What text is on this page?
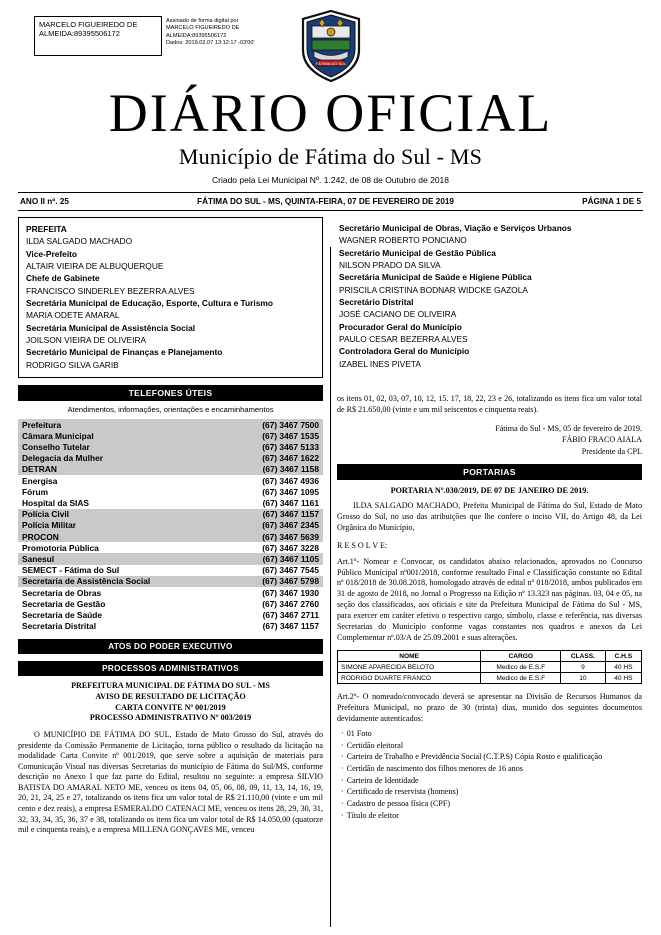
MARCELO FIGUEIREDO DE
ALMEIDA:89395506172
Assinado de forma digital por
MARCELO FIGUEIREDO DE
ALMEIDA:89395506172
Dados: 2019.02.07 13:12:17 -03'00'
FÁTIMA DO SUL
DIÁRIO OFICIAL
Município de Fátima do Sul - MS
Criado pela Lei Municipal Nº. 1.242, de 08 de Outubro de 2018
ANO II nº. 25	FÁTIMA DO SUL - MS, QUINTA-FEIRA, 07 DE FEVEREIRO DE 2019	PÁGINA 1 DE 5
PREFEITA
ILDA SALGADO MACHADO
Vice-Prefeito
ALTAIR VIEIRA DE ALBUQUERQUE
Chefe de Gabinete
FRANCISCO SINDERLEY BEZERRA ALVES
Secretária Municipal de Educação, Esporte, Cultura e Turismo
MARIA ODETE AMARAL
Secretária Municipal de Assistência Social
JOILSON VIEIRA DE OLIVEIRA
Secretário Municipal de Finanças e Planejamento
RODRIGO SILVA GARIB
TELEFONES ÚTEIS
Atendimentos, informações, orientações e encaminhamentos
Prefeitura	(67) 3467 7500
Câmara Municipal	(67) 3467 1535
Conselho Tutelar	(67) 3467 5133
Delegacia da Mulher	(67) 3467 1622
DETRAN	(67) 3467 1158
Energisa	(67) 3467 4936
Fórum	(67) 3467 1095
Hospital da SIAS	(67) 3467 1161
Polícia Civil	(67) 3467 1157
Polícia Militar	(67) 3467 2345
PROCON	(67) 3467 5639
Promotoria Pública	(67) 3467 3228
Sanesul	(67) 3467 1105
SEMECT - Fátima do Sul	(67) 3467 7545
Secretaria de Assistência Social	(67) 3467 5798
Secretaria de Obras	(67) 3467 1930
Secretaria de Gestão	(67) 3467 2760
Secretaria de Saúde	(67) 3467 2711
Secretaria Distrital	(67) 3467 1157
ATOS DO PODER EXECUTIVO
PROCESSOS ADMINISTRATIVOS
PREFEITURA MUNICIPAL DE FÁTIMA DO SUL - MS
AVISO DE RESULTADO DE LICITAÇÃO
CARTA CONVITE Nº 001/2019
PROCESSO ADMINISTRATIVO Nº 003/2019
O MUNICÍPIO DE FÁTIMA DO SUL, Estado de Mato Grosso do Sul, através do presidente da Comissão Permanente de Licitação, torna público o resultado da licitação na modalidade Carta Convite nº 001/2019, que serve sobre a aquisição de materiais para Comunicação Visual nas diversas Secretarias do município de Fátima do Sul/MS, conforme descrição no Anexo I que faz parte do Edital, resultou no seguinte: a empresa SILVIO BATISTA DO AMARAL NETO ME, venceu os itens 04, 05, 06, 08, 09, 11, 13, 14, 16, 19, 20, 21, 24, 25 e 27, totalizando os itens fica um valor total de R$ 21.110,00 (vinte e um mil cento e dez reais), a empresa ESMERALDO CATENACI ME, venceu os itens 28, 29, 30, 31, 32, 33, 34, 35, 36, 37 e 38, totalizando os itens fica um valor total de R$ 14.050,00 (quatorze mil e cinquenta reais), e a empresa MILLENA GONÇAVES ME, venceu
Secretário Municipal de Obras, Viação e Serviços Urbanos
WAGNER ROBERTO PONCIANO
Secretário Municipal de Gestão Pública
NILSON PRADO DA SILVA
Secretária Municipal de Saúde e Higiene Pública
PRISCILA CRISTINA BODNAR WIDCKE GAZOLA
Secretário Distrital
JOSÉ CACIANO DE OLIVEIRA
Procurador Geral do Município
PAULO CESAR BEZERRA ALVES
Controladora Geral do Município
IZABEL INES PIVETA
os itens 01, 02, 03, 07, 10, 12, 15. 17, 18, 22, 23 e 26, totalizando os itens fica um valor total de R$ 21.650,00 (vinte e um mil seiscentos e cinquenta reais).
Fátima do Sul - MS, 05 de fevereiro de 2019.
FÁBIO FRACO AIALA
Presidente da CPL
PORTARIAS
PORTARIA Nº.030/2019, DE 07 DE JANEIRO DE 2019.
ILDA SALGADO MACHADO, Prefeita Municipal de Fátima do Sul, Estado de Mato Grosso do Sul, no uso das atribuições que lhe confere o inciso VII, do Artigo 48, da Lei Orgânica do Município,
R E S O L V E:
Art.1º- Nomear e Convocar, os candidatos abaixo relacionados, aprovados no Concurso Público Municipal nº001/2018, conforme resultado Final e Classificação constante no Edital nº 018/2018 de 30.08.2018, homologado através de edital nº 018/2018, ambos publicados em 31 de agosto de 2018, no Jornal o Progresso na Edição nº 13.323 nas páginas. 03, 04 e 05, na seção dos classificados, aos oficiais e site da Prefeitura Municipal de Fátima do Sul - MS, para exercer em caráter efetivo o respectivo cargo, símbolo, classe e referência, nas diversas Secretarias do Município conforme vagas constantes nos quadros e anexos da Lei Complementar nº.03/A de 25.09.2001 e suas alterações.
NOME	CARGO	CLASS.	C.H.S
SIMONE APARECIDA BELOTO	Medico de E.S.F	9	40 HS
RODRIGO DUARTE FRANCO	Medico de E.S.F	10	40 HS
Art.2º- O nomeado/convocado deverá se apresentar na Divisão de Recursos Humanos da Prefeitura Municipal, no prazo de 30 (trinta) dias, munido dos seguintes documentos devidamente autenticados:
· 01 Foto
· Certidão eleitoral
· Carteira de Trabalho e Previdência Social (C.T.P.S) Cópia Rosto e qualificação
· Certidão de nascimento dos filhos menores de 16 anos
· Carteira de Identidade
· Certificado de reservista (homens)
· Cadastro de pessoa física (CPF)
· Título de eleitor
